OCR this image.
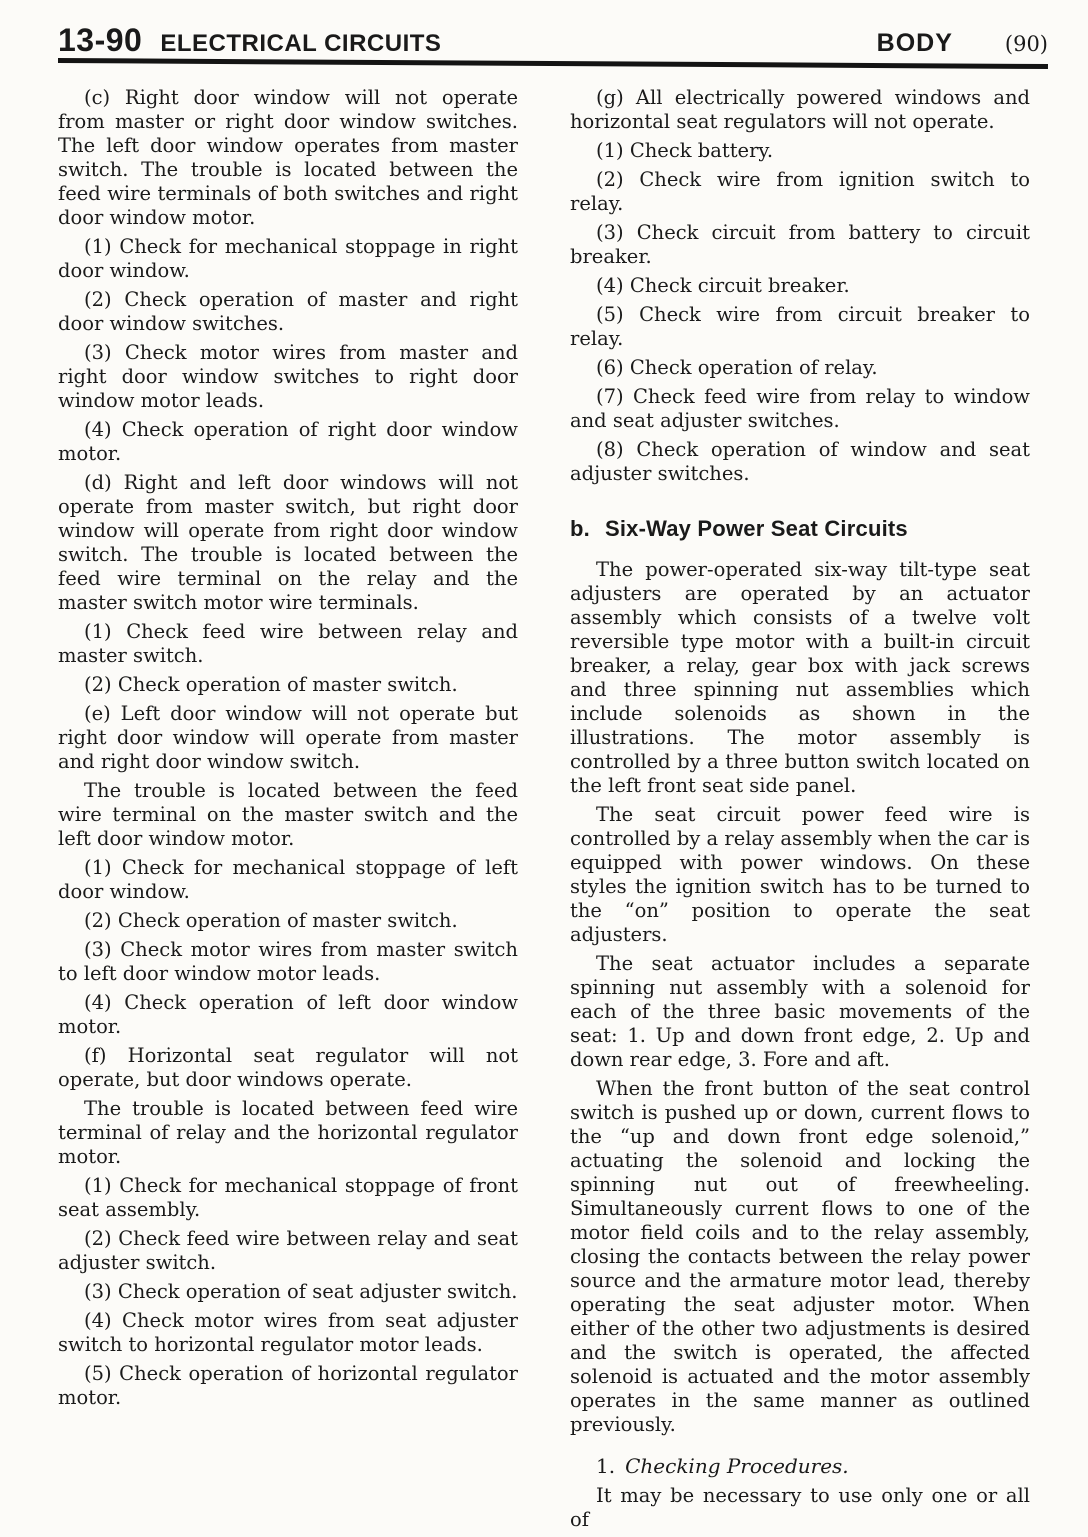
13-90 ELECTRICAL CIRCUITS	BODY (90)

(c) Right door window will not operate from master or right door window switches. The left door window operates from master switch. The trouble is located between the feed wire terminals of both switches and right door window motor.

(1) Check for mechanical stoppage in right door window.

(2) Check operation of master and right door window switches.

(3) Check motor wires from master and right door window switches to right door window motor leads.

(4) Check operation of right door window motor.

(d) Right and left door windows will not operate from master switch, but right door window will operate from right door window switch. The trouble is located between the feed wire terminal on the relay and the master switch motor wire terminals.

(1) Check feed wire between relay and master switch.

(2) Check operation of master switch.

(e) Left door window will not operate but right door window will operate from master and right door window switch.

The trouble is located between the feed wire terminal on the master switch and the left door window motor.

(1) Check for mechanical stoppage of left door window.

(2) Check operation of master switch.

(3) Check motor wires from master switch to left door window motor leads.

(4) Check operation of left door window motor.

(f) Horizontal seat regulator will not operate, but door windows operate.

The trouble is located between feed wire terminal of relay and the horizontal regulator motor.

(1) Check for mechanical stoppage of front seat assembly.

(2) Check feed wire between relay and seat adjuster switch.

(3) Check operation of seat adjuster switch.

(4) Check motor wires from seat adjuster switch to horizontal regulator motor leads.

(5) Check operation of horizontal regulator motor.

(g) All electrically powered windows and horizontal seat regulators will not operate.

(1) Check battery.

(2) Check wire from ignition switch to relay.

(3) Check circuit from battery to circuit breaker.

(4) Check circuit breaker.

(5) Check wire from circuit breaker to relay.

(6) Check operation of relay.

(7) Check feed wire from relay to window and seat adjuster switches.

(8) Check operation of window and seat adjuster switches.

b. Six-Way Power Seat Circuits

The power-operated six-way tilt-type seat adjusters are operated by an actuator assembly which consists of a twelve volt reversible type motor with a built-in circuit breaker, a relay, gear box with jack screws and three spinning nut assemblies which include solenoids as shown in the illustrations. The motor assembly is controlled by a three button switch located on the left front seat side panel.

The seat circuit power feed wire is controlled by a relay assembly when the car is equipped with power windows. On these styles the ignition switch has to be turned to the “on” position to operate the seat adjusters.

The seat actuator includes a separate spinning nut assembly with a solenoid for each of the three basic movements of the seat: 1. Up and down front edge, 2. Up and down rear edge, 3. Fore and aft.

When the front button of the seat control switch is pushed up or down, current flows to the “up and down front edge solenoid,” actuating the solenoid and locking the spinning nut out of freewheeling. Simultaneously current flows to one of the motor field coils and to the relay assembly, closing the contacts between the relay power source and the armature motor lead, thereby operating the seat adjuster motor. When either of the other two adjustments is desired and the switch is operated, the affected solenoid is actuated and the motor assembly operates in the same manner as outlined previously.

1. Checking Procedures.

It may be necessary to use only one or all of
